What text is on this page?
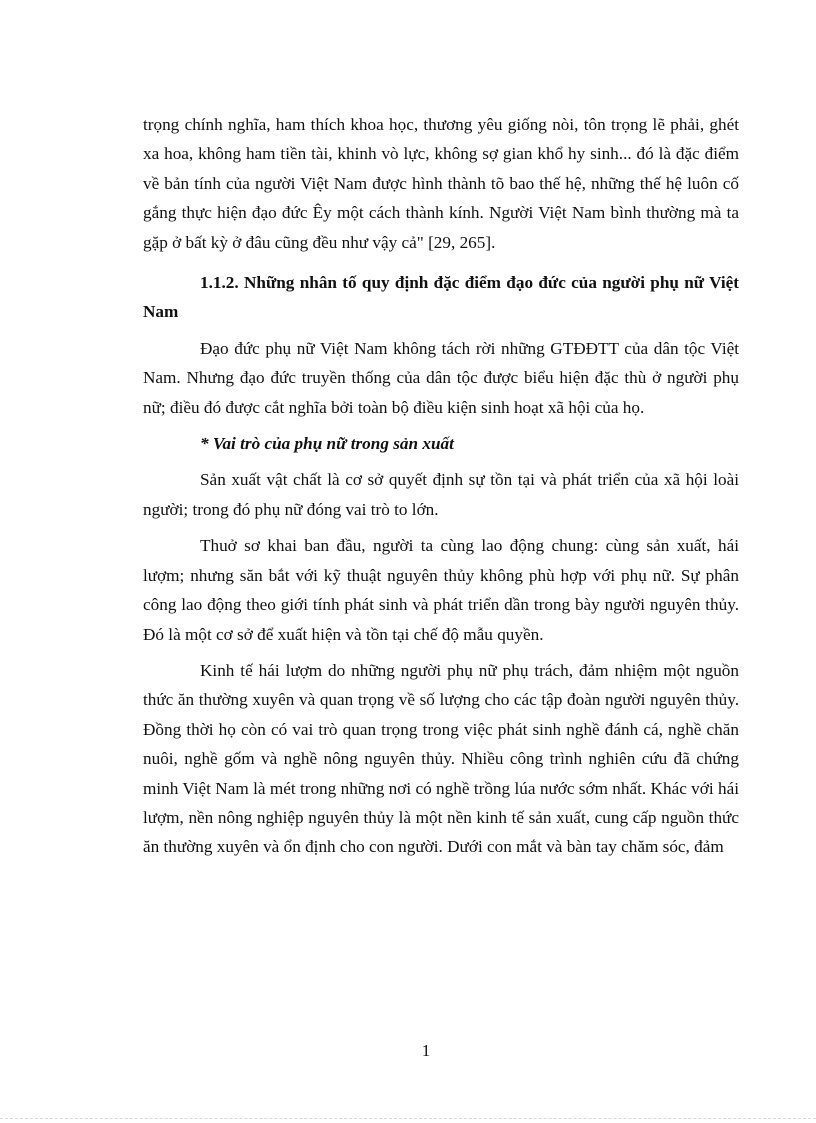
trọng chính nghĩa, ham thích khoa học, thương yêu giống nòi, tôn trọng lẽ phải, ghét xa hoa, không ham tiền tài, khinh vò lực, không sợ gian khổ hy sinh... đó là đặc điểm về bản tính của người Việt Nam được hình thành tõ bao thế hệ, những thế hệ luôn cố gắng thực hiện đạo đức Êy một cách thành kính. Người Việt Nam bình thường mà ta gặp ở bất kỳ ở đâu cũng đều như vậy cả" [29, 265].

1.1.2. Những nhân tố quy định đặc điểm đạo đức của người phụ nữ Việt Nam

Đạo đức phụ nữ Việt Nam không tách rời những GTĐĐTT của dân tộc Việt Nam. Nhưng đạo đức truyền thống của dân tộc được biểu hiện đặc thù ở người phụ nữ; điều đó được cắt nghĩa bởi toàn bộ điều kiện sinh hoạt xã hội của họ.

* Vai trò của phụ nữ trong sản xuất

Sản xuất vật chất là cơ sở quyết định sự tồn tại và phát triển của xã hội loài người; trong đó phụ nữ đóng vai trò to lớn.

Thuở sơ khai ban đầu, người ta cùng lao động chung: cùng sản xuất, hái lượm; nhưng săn bắt với kỹ thuật nguyên thủy không phù hợp với phụ nữ. Sự phân công lao động theo giới tính phát sinh và phát triển dần trong bày người nguyên thủy. Đó là một cơ sở để xuất hiện và tồn tại chế độ mẫu quyền.

Kinh tế hái lượm do những người phụ nữ phụ trách, đảm nhiệm một nguồn thức ăn thường xuyên và quan trọng về số lượng cho các tập đoàn người nguyên thủy. Đồng thời họ còn có vai trò quan trọng trong việc phát sinh nghề đánh cá, nghề chăn nuôi, nghề gốm và nghề nông nguyên thủy. Nhiều công trình nghiên cứu đã chứng minh Việt Nam là mét trong những nơi có nghề trồng lúa nước sớm nhất. Khác với hái lượm, nền nông nghiệp nguyên thủy là một nền kinh tế sản xuất, cung cấp nguồn thức ăn thường xuyên và ổn định cho con người. Dưới con mắt và bàn tay chăm sóc, đảm

1
